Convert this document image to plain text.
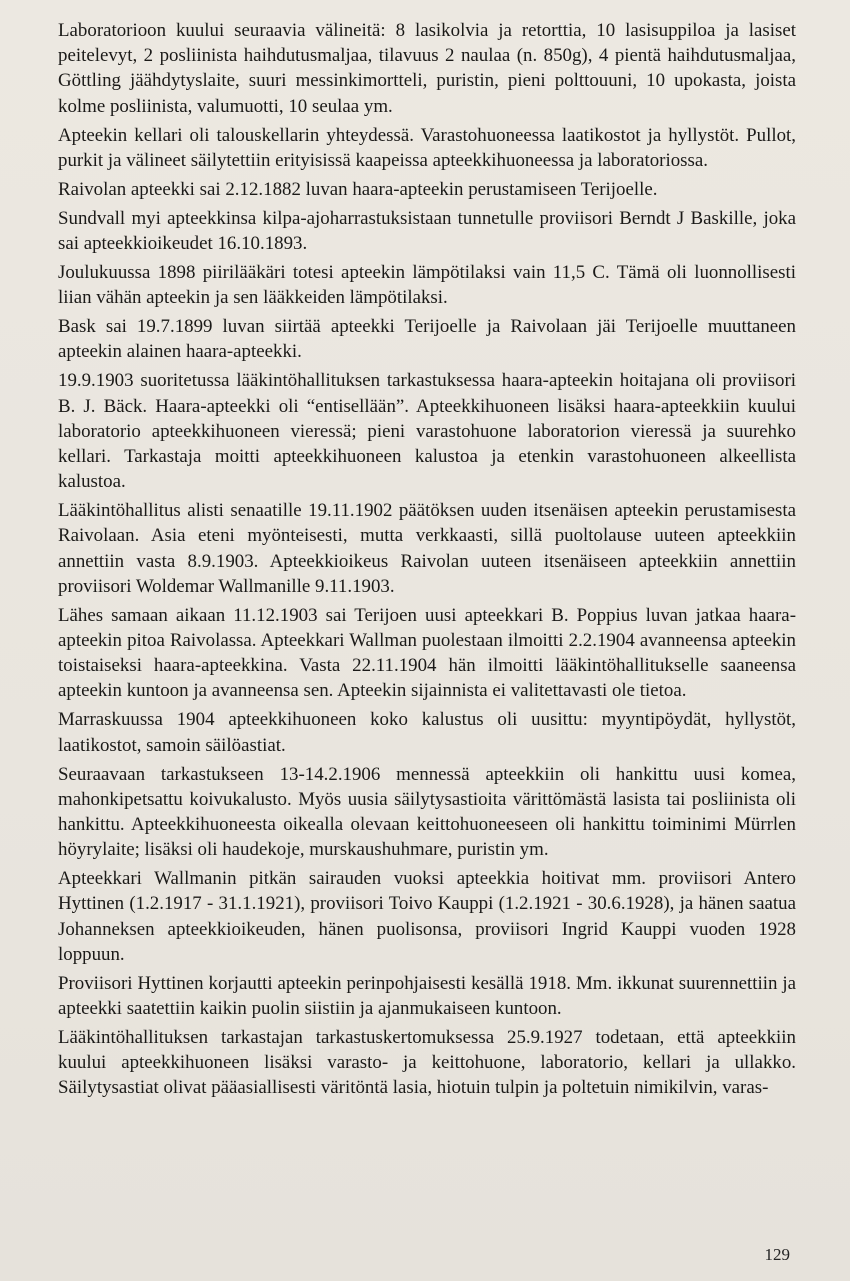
Laboratorioon kuului seuraavia välineitä: 8 lasikolvia ja retorttia, 10 lasisuppiloa ja lasiset peitelevyt, 2 posliinista haihdutusmaljaa, tilavuus 2 naulaa (n. 850g), 4 pientä haihdutusmaljaa, Göttling jäähdytyslaite, suuri messinkimortteli, puristin, pieni polttouuni, 10 upokasta, joista kolme posliinista, valumuotti, 10 seulaa ym.

Apteekin kellari oli talouskellarin yhteydessä. Varastohuoneessa laatikostot ja hyllystöt. Pullot, purkit ja välineet säilytettiin erityisissä kaapeissa apteekkihuoneessa ja laboratoriossa.

Raivolan apteekki sai 2.12.1882 luvan haara-apteekin perustamiseen Terijoelle.

Sundvall myi apteekkinsa kilpa-ajoharrastuksistaan tunnetulle proviisori Berndt J Baskille, joka sai apteekkioikeudet 16.10.1893.

Joulukuussa 1898 piirilääkäri totesi apteekin lämpötilaksi vain 11,5 C. Tämä oli luonnollisesti liian vähän apteekin ja sen lääkkeiden lämpötilaksi.

Bask sai 19.7.1899 luvan siirtää apteekki Terijoelle ja Raivolaan jäi Terijoelle muuttaneen apteekin alainen haara-apteekki.

19.9.1903 suoritetussa lääkintöhallituksen tarkastuksessa haara-apteekin hoitajana oli proviisori B. J. Bäck. Haara-apteekki oli “entisellään”. Apteekkihuoneen lisäksi haara-apteekkiin kuului laboratorio apteekkihuoneen vieressä; pieni varastohuone laboratorion vieressä ja suurehko kellari. Tarkastaja moitti apteekkihuoneen kalustoa ja etenkin varastohuoneen alkeellista kalustoa.

Lääkintöhallitus alisti senaatille 19.11.1902 päätöksen uuden itsenäisen apteekin perustamisesta Raivolaan. Asia eteni myönteisesti, mutta verkkaasti, sillä puoltolause uuteen apteekkiin annettiin vasta 8.9.1903. Apteekkioikeus Raivolan uuteen itsenäiseen apteekkiin annettiin proviisori Woldemar Wallmanille 9.11.1903.

Lähes samaan aikaan 11.12.1903 sai Terijoen uusi apteekkari B. Poppius luvan jatkaa haara-apteekin pitoa Raivolassa. Apteekkari Wallman puolestaan ilmoitti 2.2.1904 avanneensa apteekin toistaiseksi haara-apteekkina. Vasta 22.11.1904 hän ilmoitti lääkintöhallitukselle saaneensa apteekin kuntoon ja avanneensa sen. Apteekin sijainnista ei valitettavasti ole tietoa.

Marraskuussa 1904 apteekkihuoneen koko kalustus oli uusittu: myyntipöydät, hyllystöt, laatikostot, samoin säilöastiat.

Seuraavaan tarkastukseen 13-14.2.1906 mennessä apteekkiin oli hankittu uusi komea, mahonkipetsattu koivukalusto. Myös uusia säilytysastioita värittömästä lasista tai posliinista oli hankittu. Apteekkihuoneesta oikealla olevaan keittohuoneeseen oli hankittu toiminimi Mürrlen höyrylaite; lisäksi oli haudekoje, murskaushuhmare, puristin ym.

Apteekkari Wallmanin pitkän sairauden vuoksi apteekkia hoitivat mm. proviisori Antero Hyttinen (1.2.1917 - 31.1.1921), proviisori Toivo Kauppi (1.2.1921 - 30.6.1928), ja hänen saatua Johanneksen apteekkioikeuden, hänen puolisonsa, proviisori Ingrid Kauppi vuoden 1928 loppuun.

Proviisori Hyttinen korjautti apteekin perinpohjaisesti kesällä 1918. Mm. ikkunat suurennettiin ja apteekki saatettiin kaikin puolin siistiin ja ajanmukaiseen kuntoon.

Lääkintöhallituksen tarkastajan tarkastuskertomuksessa 25.9.1927 todetaan, että apteekkiin kuului apteekkihuoneen lisäksi varasto- ja keittohuone, laboratorio, kellari ja ullakko. Säilytysastiat olivat pääasiallisesti väritöntä lasia, hiotuin tulpin ja poltetuin nimikilvin, varas-

129
